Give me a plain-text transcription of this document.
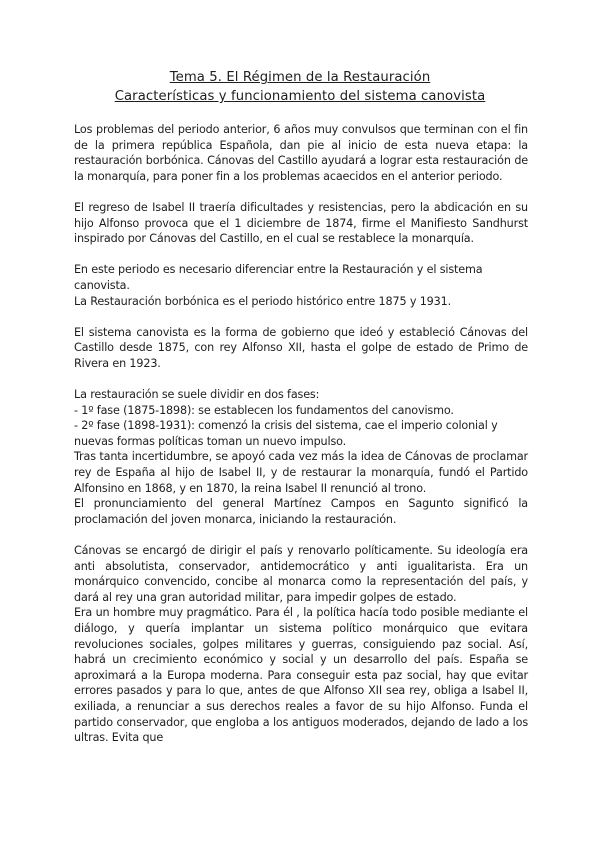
Tema 5. El Régimen de la Restauración
Características y funcionamiento del sistema canovista

Los problemas del periodo anterior, 6 años muy convulsos que terminan con el fin de la primera república Española, dan pie al inicio de esta nueva etapa: la restauración borbónica. Cánovas del Castillo ayudará a lograr esta restauración de la monarquía, para poner fin a los problemas acaecidos en el anterior periodo.

El regreso de Isabel II traería dificultades y resistencias, pero la abdicación en su hijo Alfonso provoca que el 1 diciembre de 1874, firme el Manifiesto Sandhurst inspirado por Cánovas del Castillo, en el cual se restablece la monarquía.

En este periodo es necesario diferenciar entre la Restauración y el sistema canovista.

La Restauración borbónica es el periodo histórico entre 1875 y 1931.

El sistema canovista es la forma de gobierno que ideó y estableció Cánovas del Castillo desde 1875, con rey Alfonso XII, hasta el golpe de estado de Primo de Rivera en 1923.

La restauración se suele dividir en dos fases:

- 1º fase (1875-1898): se establecen los fundamentos del canovismo.

- 2º fase (1898-1931): comenzó la crisis del sistema, cae el imperio colonial y nuevas formas políticas toman un nuevo impulso.

Tras tanta incertidumbre, se apoyó cada vez más la idea de Cánovas de proclamar rey de España al hijo de Isabel II, y de restaurar la monarquía, fundó el Partido Alfonsino en 1868, y en 1870, la reina Isabel II renunció al trono.

El pronunciamiento del general Martínez Campos en Sagunto significó la proclamación del joven monarca, iniciando la restauración.

Cánovas se encargó de dirigir el país y renovarlo políticamente. Su ideología era anti absolutista, conservador, antidemocrático y anti igualitarista. Era un monárquico convencido, concibe al monarca como la representación del país, y dará al rey una gran autoridad militar, para impedir golpes de estado.

Era un hombre muy pragmático. Para él , la política hacía todo posible mediante el diálogo, y quería implantar un sistema político monárquico que evitara revoluciones sociales, golpes militares y guerras, consiguiendo paz social. Así, habrá un crecimiento económico y social y un desarrollo del país. España se aproximará a la Europa moderna. Para conseguir esta paz social, hay que evitar errores pasados y para lo que, antes de que Alfonso XII sea rey, obliga a Isabel II, exiliada, a renunciar a sus derechos reales a favor de su hijo Alfonso. Funda el partido conservador, que engloba a los antiguos moderados, dejando de lado a los ultras. Evita que
